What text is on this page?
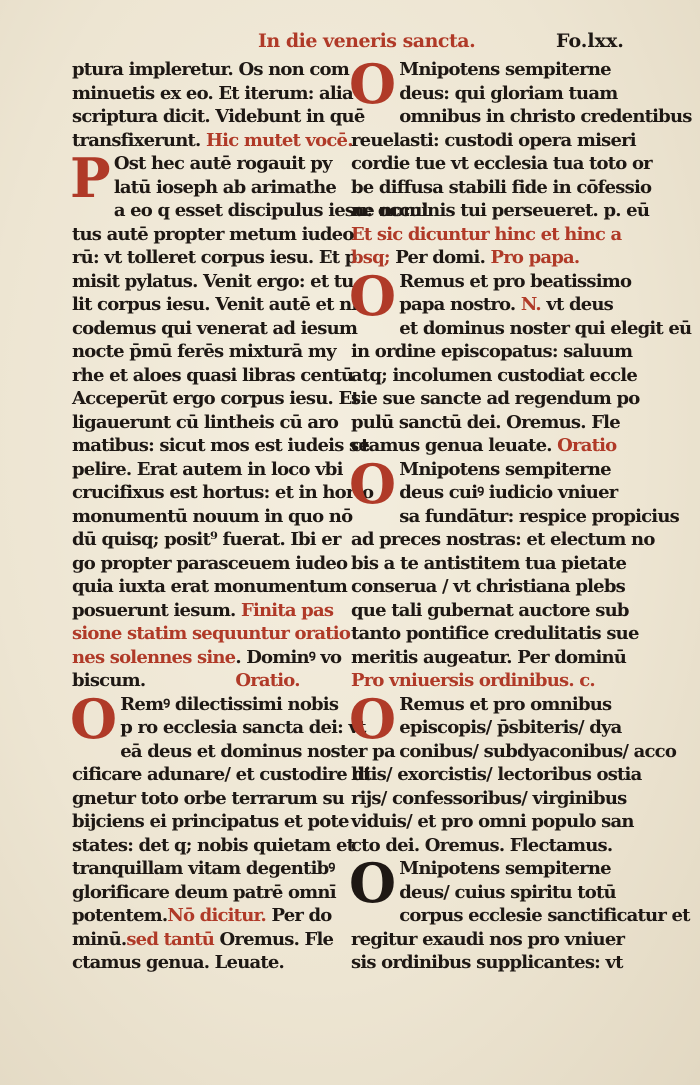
In die veneris sancta.	Fo.lxx.
ptura impleretur. Os non com
minuetis ex eo. Et iterum: alia
scriptura dicit. Videbunt in quē
transfixerunt. Hic mutet vocē.
P Ost hec autē rogauit py
latū ioseph ab arimathe
a eo q esset discipulus iesu: occul
tus autē propter metum iudeo
rū: vt tolleret corpus iesu. Et p
misit pylatus. Venit ergo: et tu
lit corpus iesu. Venit autē et ni
codemus qui venerat ad iesum
nocte p̄mū ferēs mixturā my
rhe et aloes quasi libras centū
Acceperūt ergo corpus iesu. Et
ligauerunt cū lintheis cū aro
matibus: sicut mos est iudeis se
pelire. Erat autem in loco vbi
crucifixus est hortus: et in horto
monumentū nouum in quo nō
dū quisq; posit⁹ fuerat. Ibi er
go propter parasceuem iudeo
quia iuxta erat monumentum
posuerunt iesum. Finita pas
sione statim sequuntur oratio
nes solennes sine. Dominꝰ vo
biscum.	Oratio.
O Remꝰ dilectissimi nobis
p ro ecclesia sancta dei: vt
eā deus et dominus noster pa
cificare adunare/ et custodire di
gnetur toto orbe terrarum su
bijciens ei principatus et pote
states: det q; nobis quietam et
tranquillam vitam degentibꝰ
glorificare deum patrē omnī
potentem.Nō dicitur. Per do
minū.sed tantū Oremus. Fle
ctamus genua. Leuate.
O Mnipotens sempiterne
deus: qui gloriam tuam
omnibus in christo credentibus
reuelasti: custodi opera miseri
cordie tue vt ecclesia tua toto or
be diffusa stabili fide in cōfessio
ne nominis tui perseueret. p. eū
Et sic dicuntur hinc et hinc a
bsq; Per domi. Pro papa.
O Remus et pro beatissimo
papa nostro. N. vt deus
et dominus noster qui elegit eū
in ordine episcopatus: saluum
atq; incolumen custodiat eccle
sie sue sancte ad regendum po
pulū sanctū dei. Oremus. Fle
ctamus genua leuate. Oratio
O Mnipotens sempiterne
deus cuiꝰ iudicio vniuer
sa fundātur: respice propicius
ad preces nostras: et electum no
bis a te antistitem tua pietate
conserua / vt christiana plebs
que tali gubernat auctore sub
tanto pontifice credulitatis sue
meritis augeatur. Per dominū
Pro vniuersis ordinibus. c.
O Remus et pro omnibus
episcopis/ p̄sbiteris/ dya
conibus/ subdyaconibus/ acco
litis/ exorcistis/ lectoribus ostia
rijs/ confessoribus/ virginibus
viduis/ et pro omni populo san
cto dei. Oremus. Flectamus.
O Mnipotens sempiterne
deus/ cuius spiritu totū
corpus ecclesie sanctificatur et
regitur exaudi nos pro vniuer
sis ordinibus supplicantes: vt
